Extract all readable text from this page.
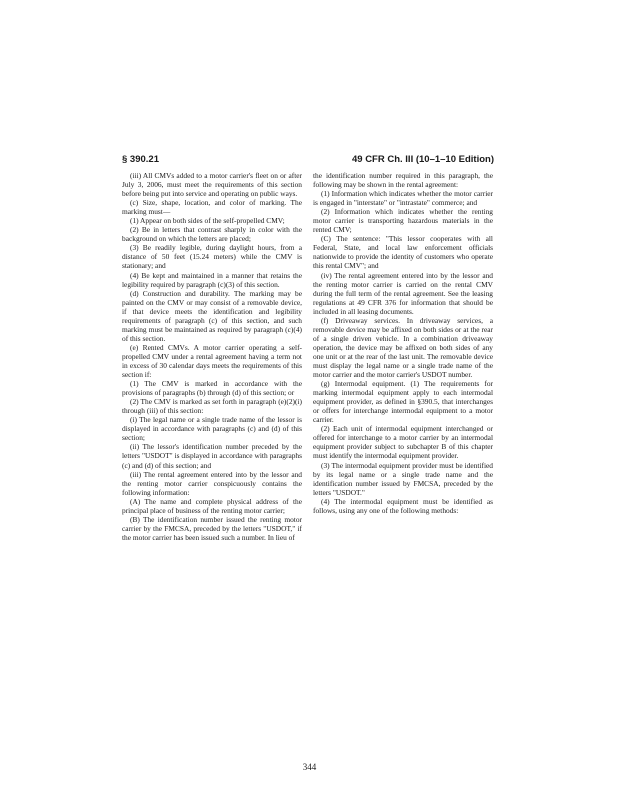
§ 390.21	49 CFR Ch. III (10–1–10 Edition)

(iii) All CMVs added to a motor carrier's fleet on or after July 3, 2006, must meet the requirements of this section before being put into service and operating on public ways.

(c) Size, shape, location, and color of marking. The marking must—

(1) Appear on both sides of the self-propelled CMV;

(2) Be in letters that contrast sharply in color with the background on which the letters are placed;

(3) Be readily legible, during daylight hours, from a distance of 50 feet (15.24 meters) while the CMV is stationary; and

(4) Be kept and maintained in a manner that retains the legibility required by paragraph (c)(3) of this section.

(d) Construction and durability. The marking may be painted on the CMV or may consist of a removable device, if that device meets the identification and legibility requirements of paragraph (c) of this section, and such marking must be maintained as required by paragraph (c)(4) of this section.

(e) Rented CMVs. A motor carrier operating a self-propelled CMV under a rental agreement having a term not in excess of 30 calendar days meets the requirements of this section if:

(1) The CMV is marked in accordance with the provisions of paragraphs (b) through (d) of this section; or

(2) The CMV is marked as set forth in paragraph (e)(2)(i) through (iii) of this section:

(i) The legal name or a single trade name of the lessor is displayed in accordance with paragraphs (c) and (d) of this section;

(ii) The lessor's identification number preceded by the letters "USDOT" is displayed in accordance with paragraphs (c) and (d) of this section; and

(iii) The rental agreement entered into by the lessor and the renting motor carrier conspicuously contains the following information:

(A) The name and complete physical address of the principal place of business of the renting motor carrier;

(B) The identification number issued the renting motor carrier by the FMCSA, preceded by the letters "USDOT," if the motor carrier has been issued such a number. In lieu of

the identification number required in this paragraph, the following may be shown in the rental agreement:

(1) Information which indicates whether the motor carrier is engaged in "interstate" or "intrastate" commerce; and

(2) Information which indicates whether the renting motor carrier is transporting hazardous materials in the rented CMV;

(C) The sentence: "This lessor cooperates with all Federal, State, and local law enforcement officials nationwide to provide the identity of customers who operate this rental CMV"; and

(iv) The rental agreement entered into by the lessor and the renting motor carrier is carried on the rental CMV during the full term of the rental agreement. See the leasing regulations at 49 CFR 376 for information that should be included in all leasing documents.

(f) Driveaway services. In driveaway services, a removable device may be affixed on both sides or at the rear of a single driven vehicle. In a combination driveaway operation, the device may be affixed on both sides of any one unit or at the rear of the last unit. The removable device must display the legal name or a single trade name of the motor carrier and the motor carrier's USDOT number.

(g) Intermodal equipment. (1) The requirements for marking intermodal equipment apply to each intermodal equipment provider, as defined in §390.5, that interchanges or offers for interchange intermodal equipment to a motor carrier.

(2) Each unit of intermodal equipment interchanged or offered for interchange to a motor carrier by an intermodal equipment provider subject to subchapter B of this chapter must identify the intermodal equipment provider.

(3) The intermodal equipment provider must be identified by its legal name or a single trade name and the identification number issued by FMCSA, preceded by the letters "USDOT."

(4) The intermodal equipment must be identified as follows, using any one of the following methods:

344
